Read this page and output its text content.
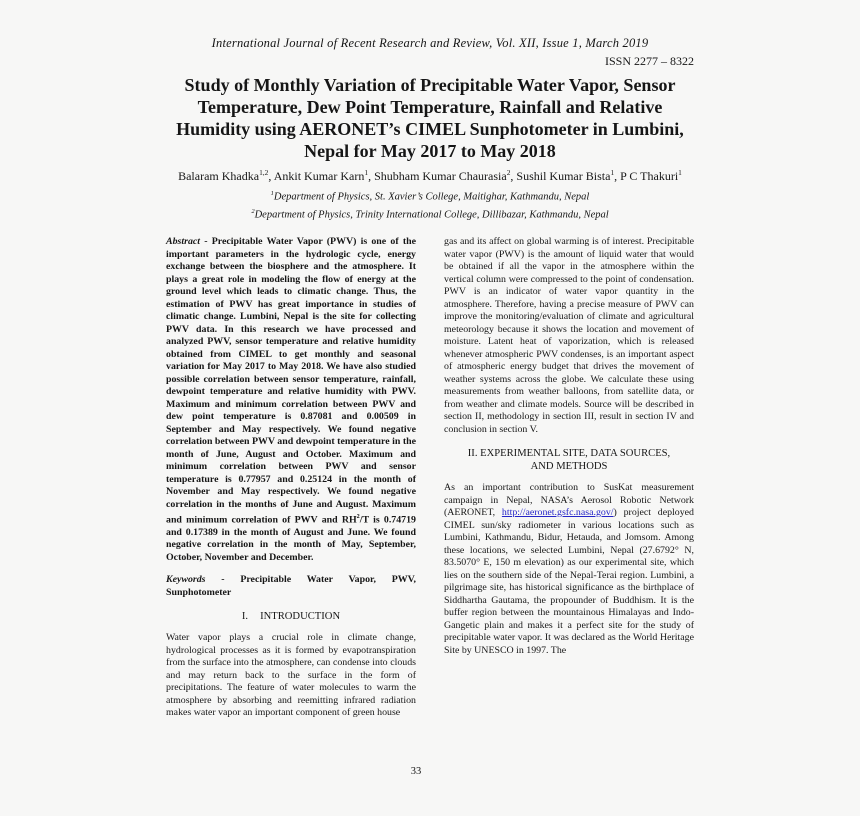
International Journal of Recent Research and Review, Vol. XII, Issue 1, March 2019
ISSN 2277 – 8322
Study of Monthly Variation of Precipitable Water Vapor, Sensor Temperature, Dew Point Temperature, Rainfall and Relative Humidity using AERONET’s CIMEL Sunphotometer in Lumbini, Nepal for May 2017 to May 2018
Balaram Khadka$^{1,2}$, Ankit Kumar Karn$^1$, Shubham Kumar Chaurasia$^2$, Sushil Kumar Bista$^1$, P C Thakuri$^1$
$^1$Department of Physics, St. Xavier’s College, Maitighar, Kathmandu, Nepal
$^2$Department of Physics, Trinity International College, Dillibazar, Kathmandu, Nepal

Abstract - Precipitable Water Vapor (PWV) is one of the important parameters in the hydrologic cycle, energy exchange between the biosphere and the atmosphere. It plays a great role in modeling the flow of energy at the ground level which leads to climatic change. Thus, the estimation of PWV has great importance in studies of climatic change. Lumbini, Nepal is the site for collecting PWV data. In this research we have processed and analyzed PWV, sensor temperature and relative humidity obtained from CIMEL to get monthly and seasonal variation for May 2017 to May 2018. We have also studied possible correlation between sensor temperature, rainfall, dewpoint temperature and relative humidity with PWV. Maximum and minimum correlation between PWV and dew point temperature is 0.87081 and 0.00509 in September and May respectively. We found negative correlation between PWV and dewpoint temperature in the month of June, August and October. Maximum and minimum correlation between PWV and sensor temperature is 0.77957 and 0.25124 in the month of November and May respectively. We found negative correlation in the months of June and August. Maximum and minimum correlation of PWV and $RH^2/T$ is 0.74719 and 0.17389 in the month of August and June. We found negative correlation in the month of May, September, October, November and December.

Keywords - Precipitable Water Vapor, PWV, Sunphotometer

I. INTRODUCTION

Water vapor plays a crucial role in climate change, hydrological processes as it is formed by evapotranspiration from the surface into the atmosphere, can condense into clouds and may return back to the surface in the form of precipitations. The feature of water molecules to warm the atmosphere by absorbing and reemitting infrared radiation makes water vapor an important component of green house

gas and its affect on global warming is of interest. Precipitable water vapor (PWV) is the amount of liquid water that would be obtained if all the vapor in the atmosphere within the vertical column were compressed to the point of condensation. PWV is an indicator of water vapor quantity in the atmosphere. Therefore, having a precise measure of PWV can improve the monitoring/evaluation of climate and agricultural meteorology because it shows the location and movement of moisture. Latent heat of vaporization, which is released whenever atmospheric PWV condenses, is an important aspect of atmospheric energy budget that drives the movement of weather systems across the globe. We calculate these using measurements from weather balloons, from satellite data, or from weather and climate models. Source will be described in section II, methodology in section III, result in section IV and conclusion in section V.

II. EXPERIMENTAL SITE, DATA SOURCES,
AND METHODS

As an important contribution to SusKat measurement campaign in Nepal, NASA’s Aerosol Robotic Network (AERONET, http://aeronet.gsfc.nasa.gov/) project deployed CIMEL sun/sky radiometer in various locations such as Lumbini, Kathmandu, Bidur, Hetauda, and Jomsom. Among these locations, we selected Lumbini, Nepal (27.6792° N, 83.5070° E, 150 m elevation) as our experimental site, which lies on the southern side of the Nepal-Terai region. Lumbini, a pilgrimage site, has historical significance as the birthplace of Siddhartha Gautama, the propounder of Buddhism. It is the buffer region between the mountainous Himalayas and Indo-Gangetic plain and makes it a perfect site for the study of precipitable water vapor. It was declared as the World Heritage Site by UNESCO in 1997. The

33
